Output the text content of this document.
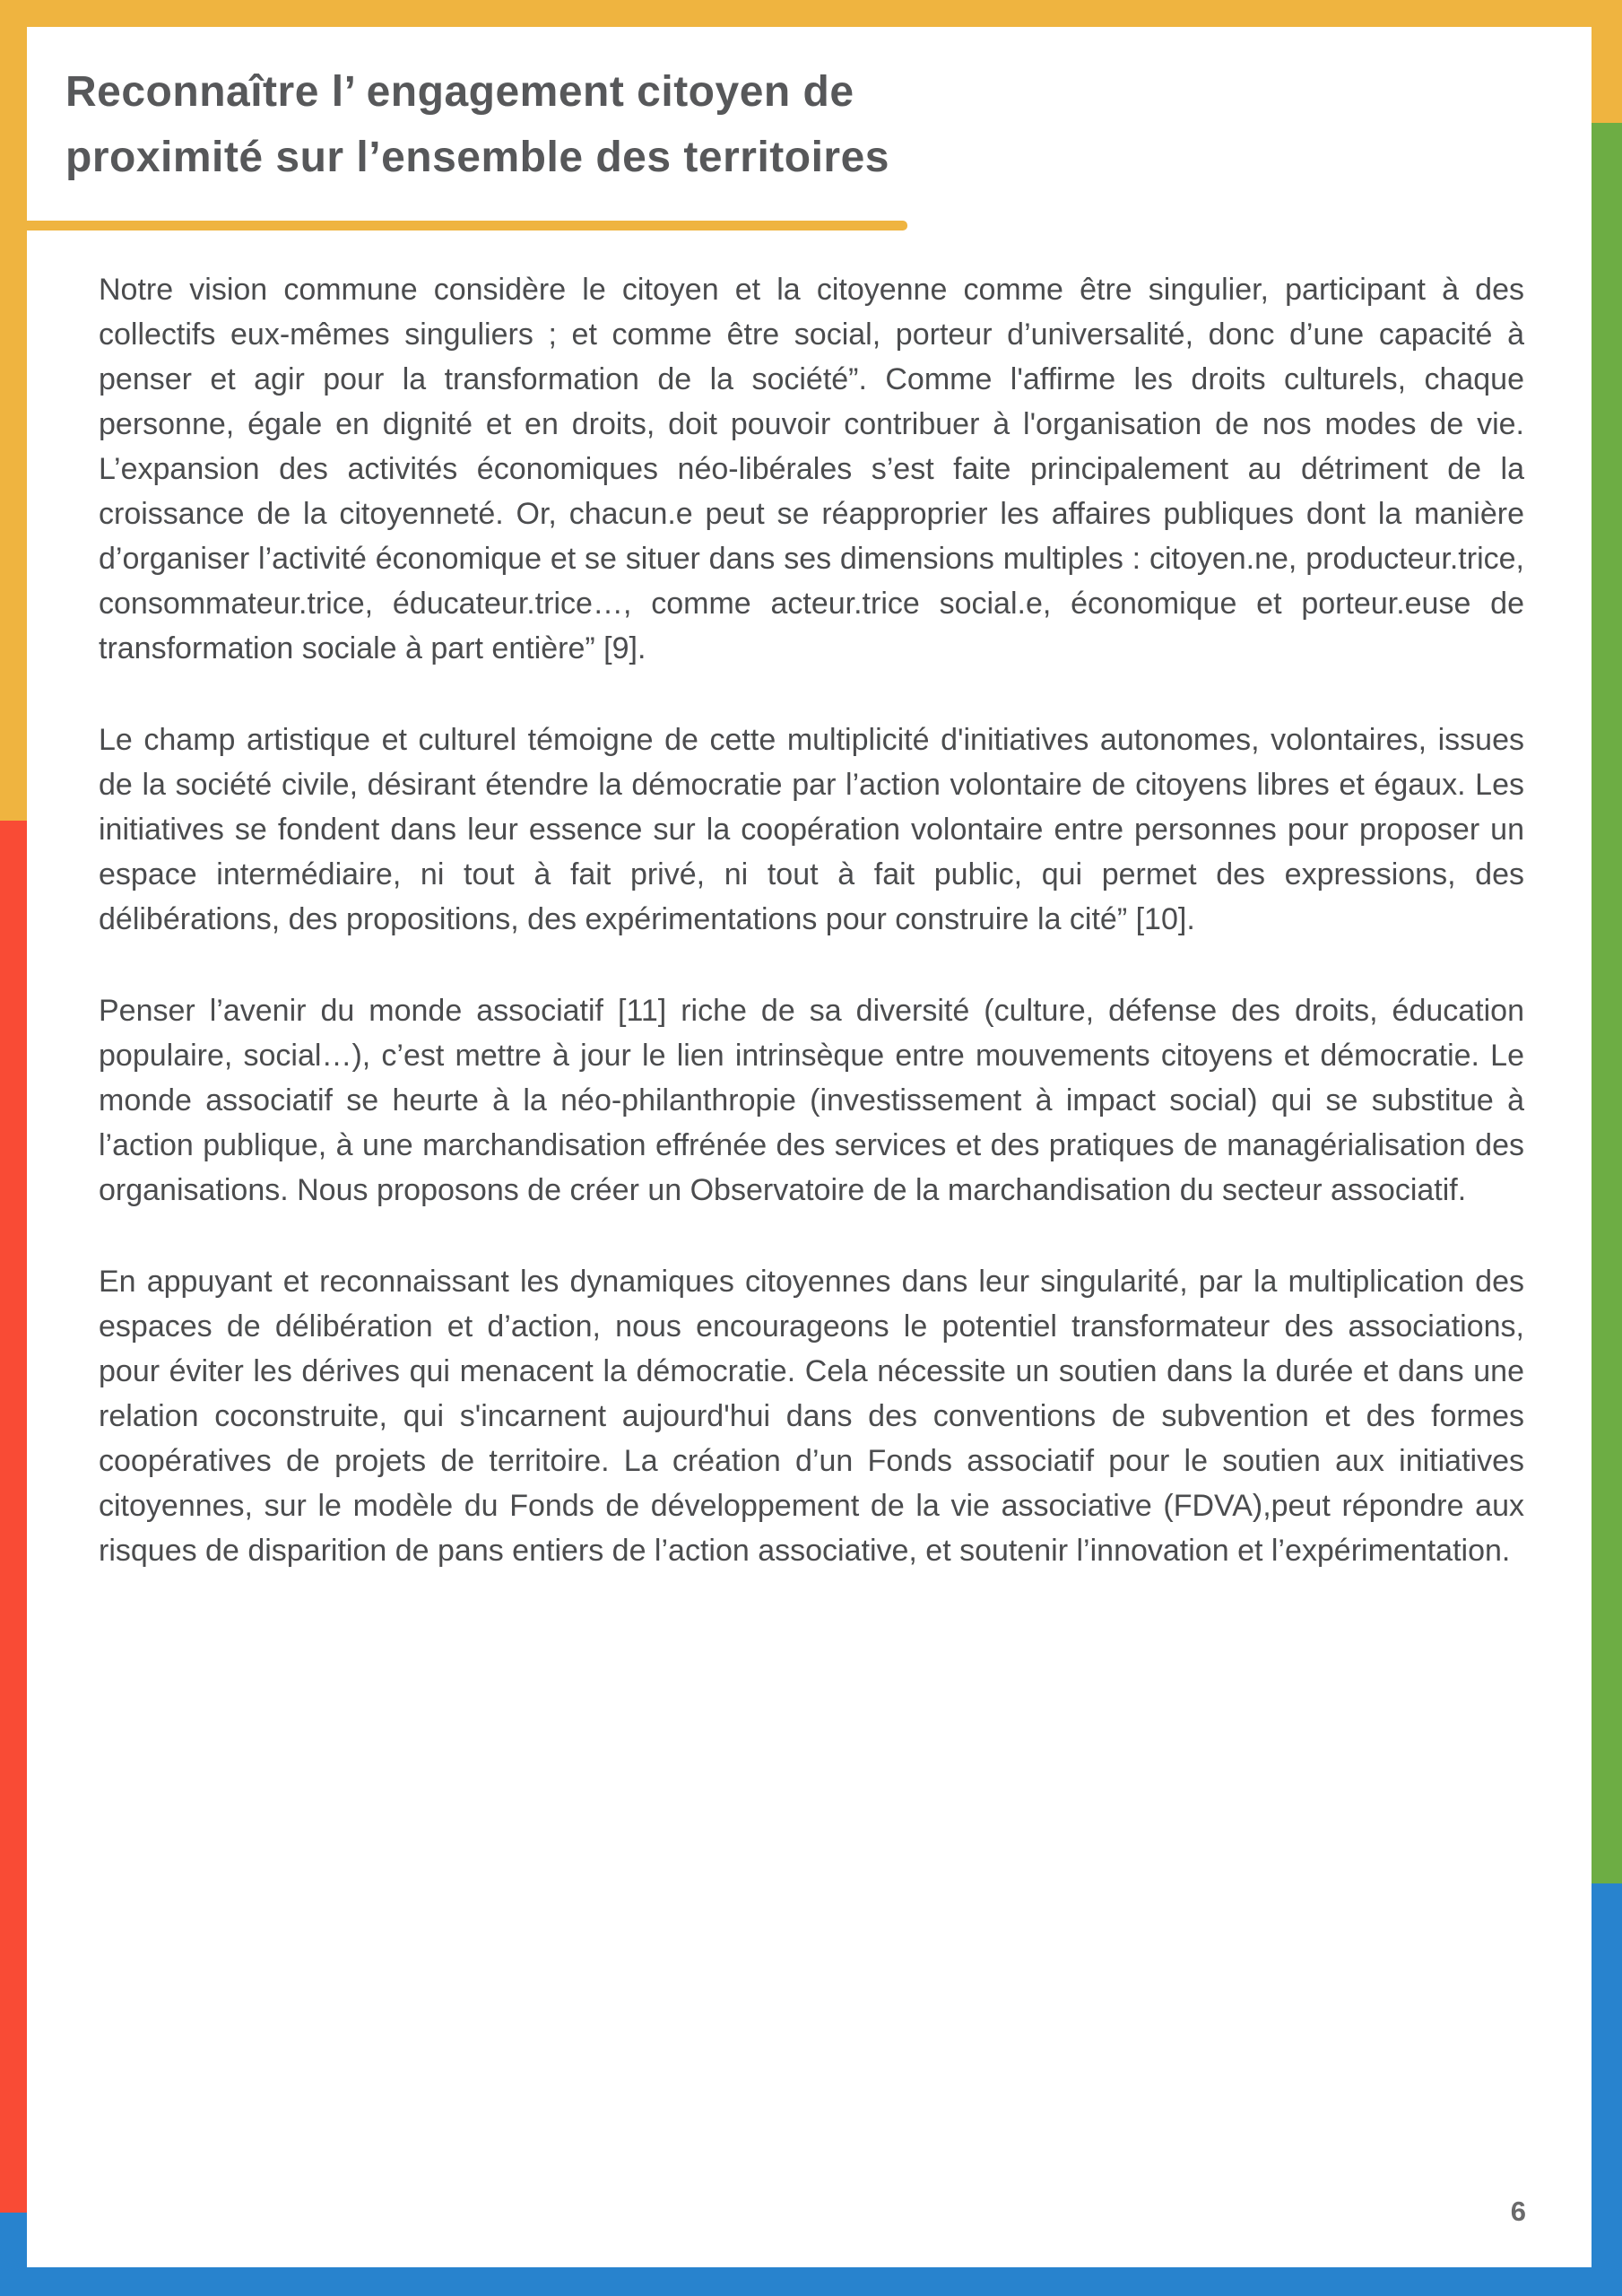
Reconnaître l’ engagement citoyen de
proximité sur l’ensemble des territoires

Notre vision commune considère le citoyen et la citoyenne comme être singulier, participant à des collectifs eux-mêmes singuliers ; et comme être social, porteur d’universalité, donc d’une capacité à penser et agir pour la transformation de la société”. Comme l'affirme les droits culturels, chaque personne, égale en dignité et en droits, doit pouvoir contribuer à l'organisation de nos modes de vie. L’expansion des activités économiques néo-libérales s’est faite principalement au détriment de la croissance de la citoyenneté. Or, chacun.e peut se réapproprier les affaires publiques dont la manière d’organiser l’activité économique et se situer dans ses dimensions multiples : citoyen.ne, producteur.trice, consommateur.trice, éducateur.trice…, comme acteur.trice social.e, économique et porteur.euse de transformation sociale à part entière” [9].

Le champ artistique et culturel témoigne de cette multiplicité d'initiatives autonomes, volontaires, issues de la société civile, désirant étendre la démocratie par l’action volontaire de citoyens libres et égaux. Les initiatives se fondent dans leur essence sur la coopération volontaire entre personnes pour proposer un espace intermédiaire, ni tout à fait privé, ni tout à fait public, qui permet des expressions, des délibérations, des propositions, des expérimentations pour construire la cité” [10].

Penser l’avenir du monde associatif [11] riche de sa diversité (culture, défense des droits, éducation populaire, social…), c’est mettre à jour le lien intrinsèque entre mouvements citoyens et démocratie. Le monde associatif se heurte à la néo-philanthropie (investissement à impact social) qui se substitue à l’action publique, à une marchandisation effrénée des services et des pratiques de managérialisation des organisations. Nous proposons de créer un Observatoire de la marchandisation du secteur associatif.

En appuyant et reconnaissant les dynamiques citoyennes dans leur singularité, par la multiplication des espaces de délibération et d’action, nous encourageons le potentiel transformateur des associations, pour éviter les dérives qui menacent la démocratie. Cela nécessite un soutien dans la durée et dans une relation coconstruite, qui s'incarnent aujourd'hui dans des conventions de subvention et des formes coopératives de projets de territoire. La création d’un Fonds associatif pour le soutien aux initiatives citoyennes, sur le modèle du Fonds de développement de la vie associative (FDVA),peut répondre aux risques de disparition de pans entiers de l’action associative, et soutenir l’innovation et l’expérimentation.

6
